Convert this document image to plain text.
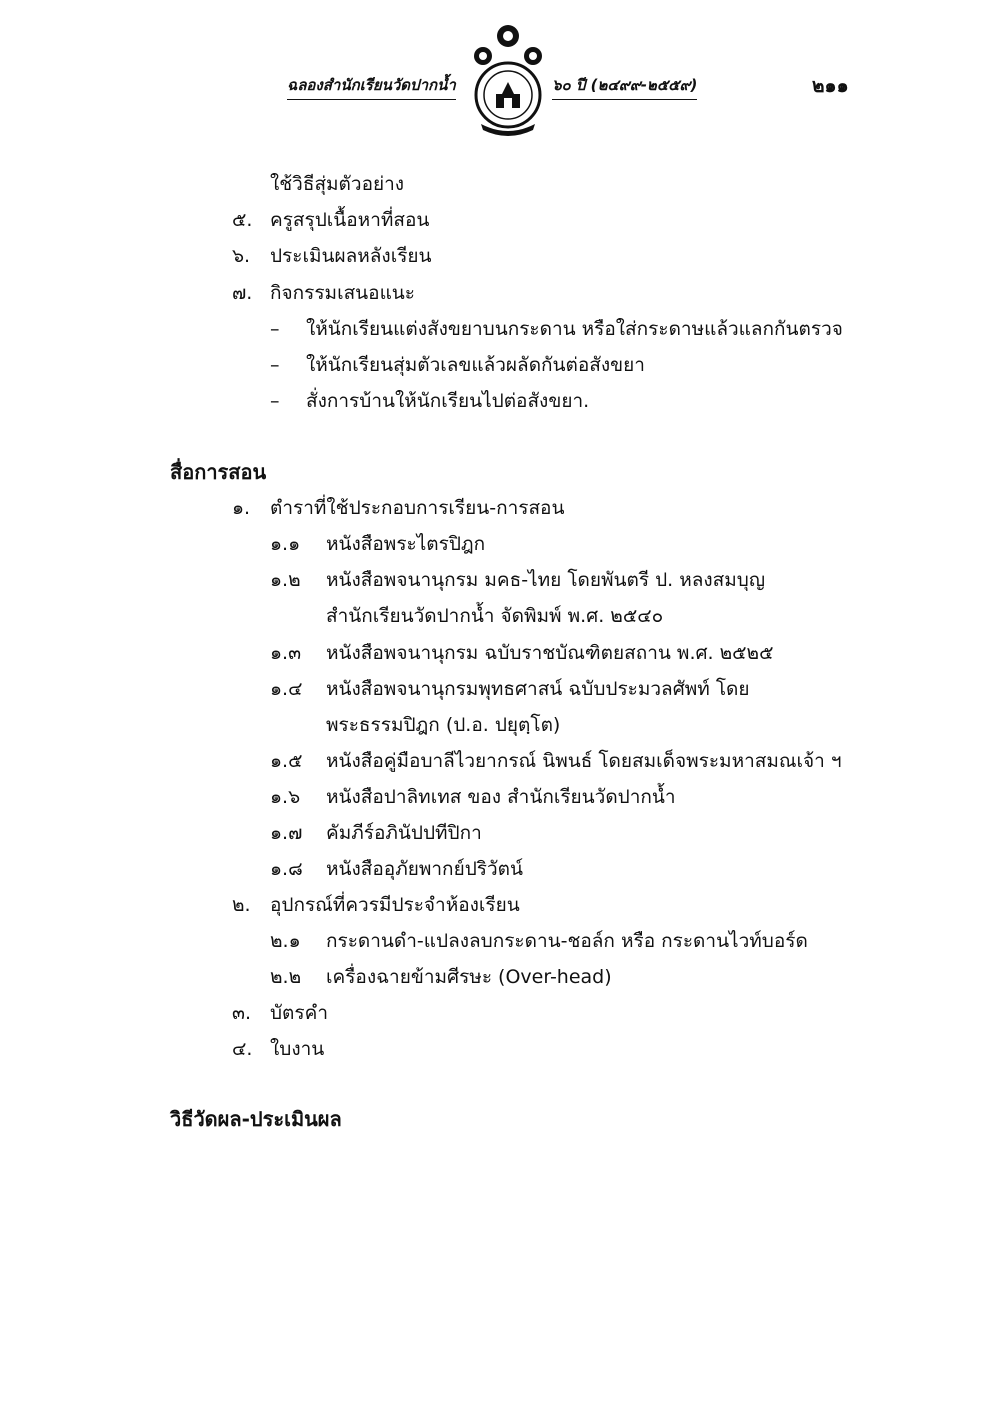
ฉลองสำนักเรียนวัดปากน้ำ	๖๐ ปี (๒๔๙๙-๒๕๕๙)	๒๑๑
ใช้วิธีสุ่มตัวอย่าง
๕. ครูสรุปเนื้อหาที่สอน
๖. ประเมินผลหลังเรียน
๗. กิจกรรมเสนอแนะ
– ให้นักเรียนแต่งสังขยาบนกระดาน หรือใส่กระดาษแล้วแลกกันตรวจ
– ให้นักเรียนสุ่มตัวเลขแล้วผลัดกันต่อสังขยา
– สั่งการบ้านให้นักเรียนไปต่อสังขยา.
สื่อการสอน
๑. ตำราที่ใช้ประกอบการเรียน-การสอน
๑.๑ หนังสือพระไตรปิฎก
๑.๒ หนังสือพจนานุกรม มคธ-ไทย โดยพันตรี ป. หลงสมบุญ
สำนักเรียนวัดปากน้ำ จัดพิมพ์ พ.ศ. ๒๕๔๐
๑.๓ หนังสือพจนานุกรม ฉบับราชบัณฑิตยสถาน พ.ศ. ๒๕๒๕
๑.๔ หนังสือพจนานุกรมพุทธศาสน์ ฉบับประมวลศัพท์ โดย
พระธรรมปิฎก (ป.อ. ปยุตฺโต)
๑.๕ หนังสือคู่มือบาลีไวยากรณ์ นิพนธ์ โดยสมเด็จพระมหาสมณเจ้า ฯ
๑.๖ หนังสือปาลิทเทส ของ สำนักเรียนวัดปากน้ำ
๑.๗ คัมภีร์อภินัปปทีปิกา
๑.๘ หนังสืออุภัยพากย์ปริวัตน์
๒. อุปกรณ์ที่ควรมีประจำห้องเรียน
๒.๑ กระดานดำ-แปลงลบกระดาน-ชอล์ก หรือ กระดานไวท์บอร์ด
๒.๒ เครื่องฉายข้ามศีรษะ (Over-head)
๓. บัตรคำ
๔. ใบงาน
วิธีวัดผล-ประเมินผล
